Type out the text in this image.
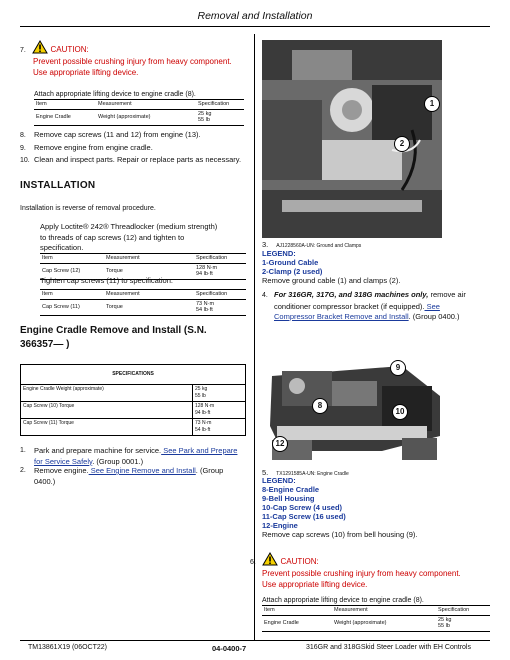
Removal and Installation
7.	CAUTION:
Prevent possible crushing injury from heavy component.
Use appropriate lifting device.
Attach appropriate lifting device to engine cradle (8).
Item	Measurement	Specification
Engine Cradle	Weight (approximate)	25 kg
55 lb
8. Remove cap screws (11 and 12) from engine (13).
9. Remove engine from engine cradle.
10. Clean and inspect parts. Repair or replace parts as necessary.
INSTALLATION
Installation is reverse of removal procedure.
Apply Loctite® 242® Threadlocker (medium strength)
to threads of cap screws (12) and tighten to
specification.
Item	Measurement	Specification
Cap Screw (12)	Torque	128 N·m
94 lb·ft
Tighten cap screws (11) to specification.
Item	Measurement	Specification
Cap Screw (11)	Torque	73 N·m
54 lb·ft
Engine Cradle Remove and Install (S.N.
366357— )
SPECIFICATIONS	
Engine Cradle Weight (approximate)	25 kg
55 lb

Cap Screw (10) Torque	128 N·m
94 lb·ft

Cap Screw (11) Torque	73 N·m
54 lb·ft
1. Park and prepare machine for service. See Park and Prepare for Service Safely. (Group 0001.)
2. Remove engine. See Engine Remove and Install. (Group 0400.)
1
2
3. AJ1228560A-UN: Ground and Clamps
LEGEND:
1-Ground Cable
2-Clamp (2 used)
Remove ground cable (1) and clamps (2).
4. For 316GR, 317G, and 318G machines only, remove air
conditioner compressor bracket (if equipped). See
Compressor Bracket Remove and Install. (Group 0400.)
9
8
10
12
5. TX1291585A-UN: Engine Cradle
LEGEND:
8-Engine Cradle
9-Bell Housing
10-Cap Screw (4 used)
11-Cap Screw (16 used)
12-Engine
Remove cap screws (10) from bell housing (9).
6.	CAUTION:
Prevent possible crushing injury from heavy component.
Use appropriate lifting device.
Attach appropriate lifting device to engine cradle (8).
Item	Measurement	Specification
Engine Cradle	Weight (approximate)	25 kg
55 lb
TM13861X19 (06OCT22)	04-0400-7	316GR and 318GSkid Steer Loader with EH Controls
